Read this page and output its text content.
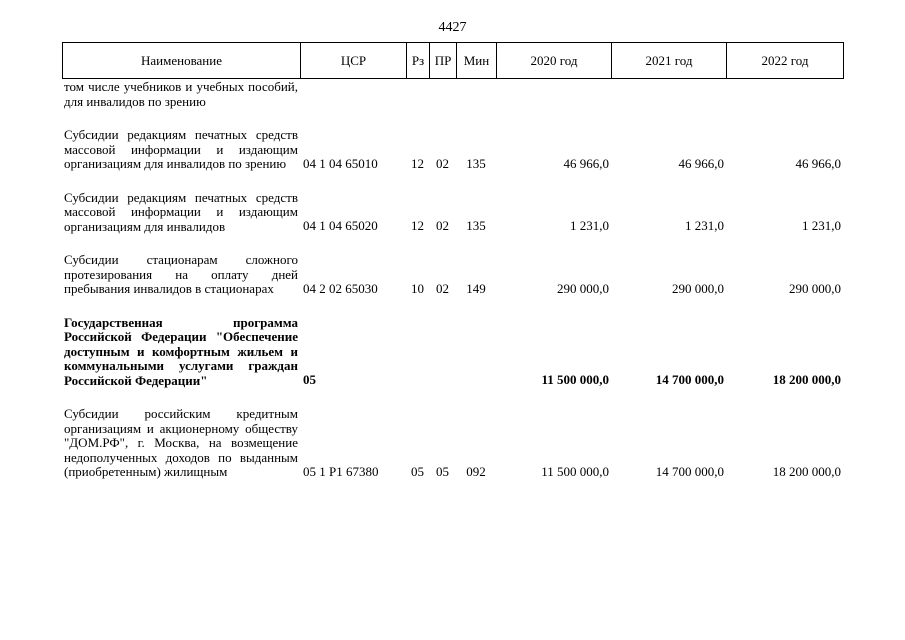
4427
Наименование	ЦСР	Рз	ПР	Мин	2020 год	2021 год	2022 год
том числе учебников и учебных пособий, для инвалидов по зрению							
Субсидии редакциям печатных средств массовой информации и издающим организациям для инвалидов по зрению	04 1 04 65010	12	02	135	46 966,0	46 966,0	46 966,0
Субсидии редакциям печатных средств массовой информации и издающим организациям для инвалидов	04 1 04 65020	12	02	135	1 231,0	1 231,0	1 231,0
Субсидии стационарам сложного протезирования на оплату дней пребывания инвалидов в стационарах	04 2 02 65030	10	02	149	290 000,0	290 000,0	290 000,0
Государственная программа Российской Федерации "Обеспечение доступным и комфортным жильем и коммунальными услугами граждан Российской Федерации"	05				11 500 000,0	14 700 000,0	18 200 000,0
Субсидии российским кредитным организациям и акционерному обществу "ДОМ.РФ", г. Москва, на возмещение недополученных доходов по выданным (приобретенным) жилищным	05 1 P1 67380	05	05	092	11 500 000,0	14 700 000,0	18 200 000,0
